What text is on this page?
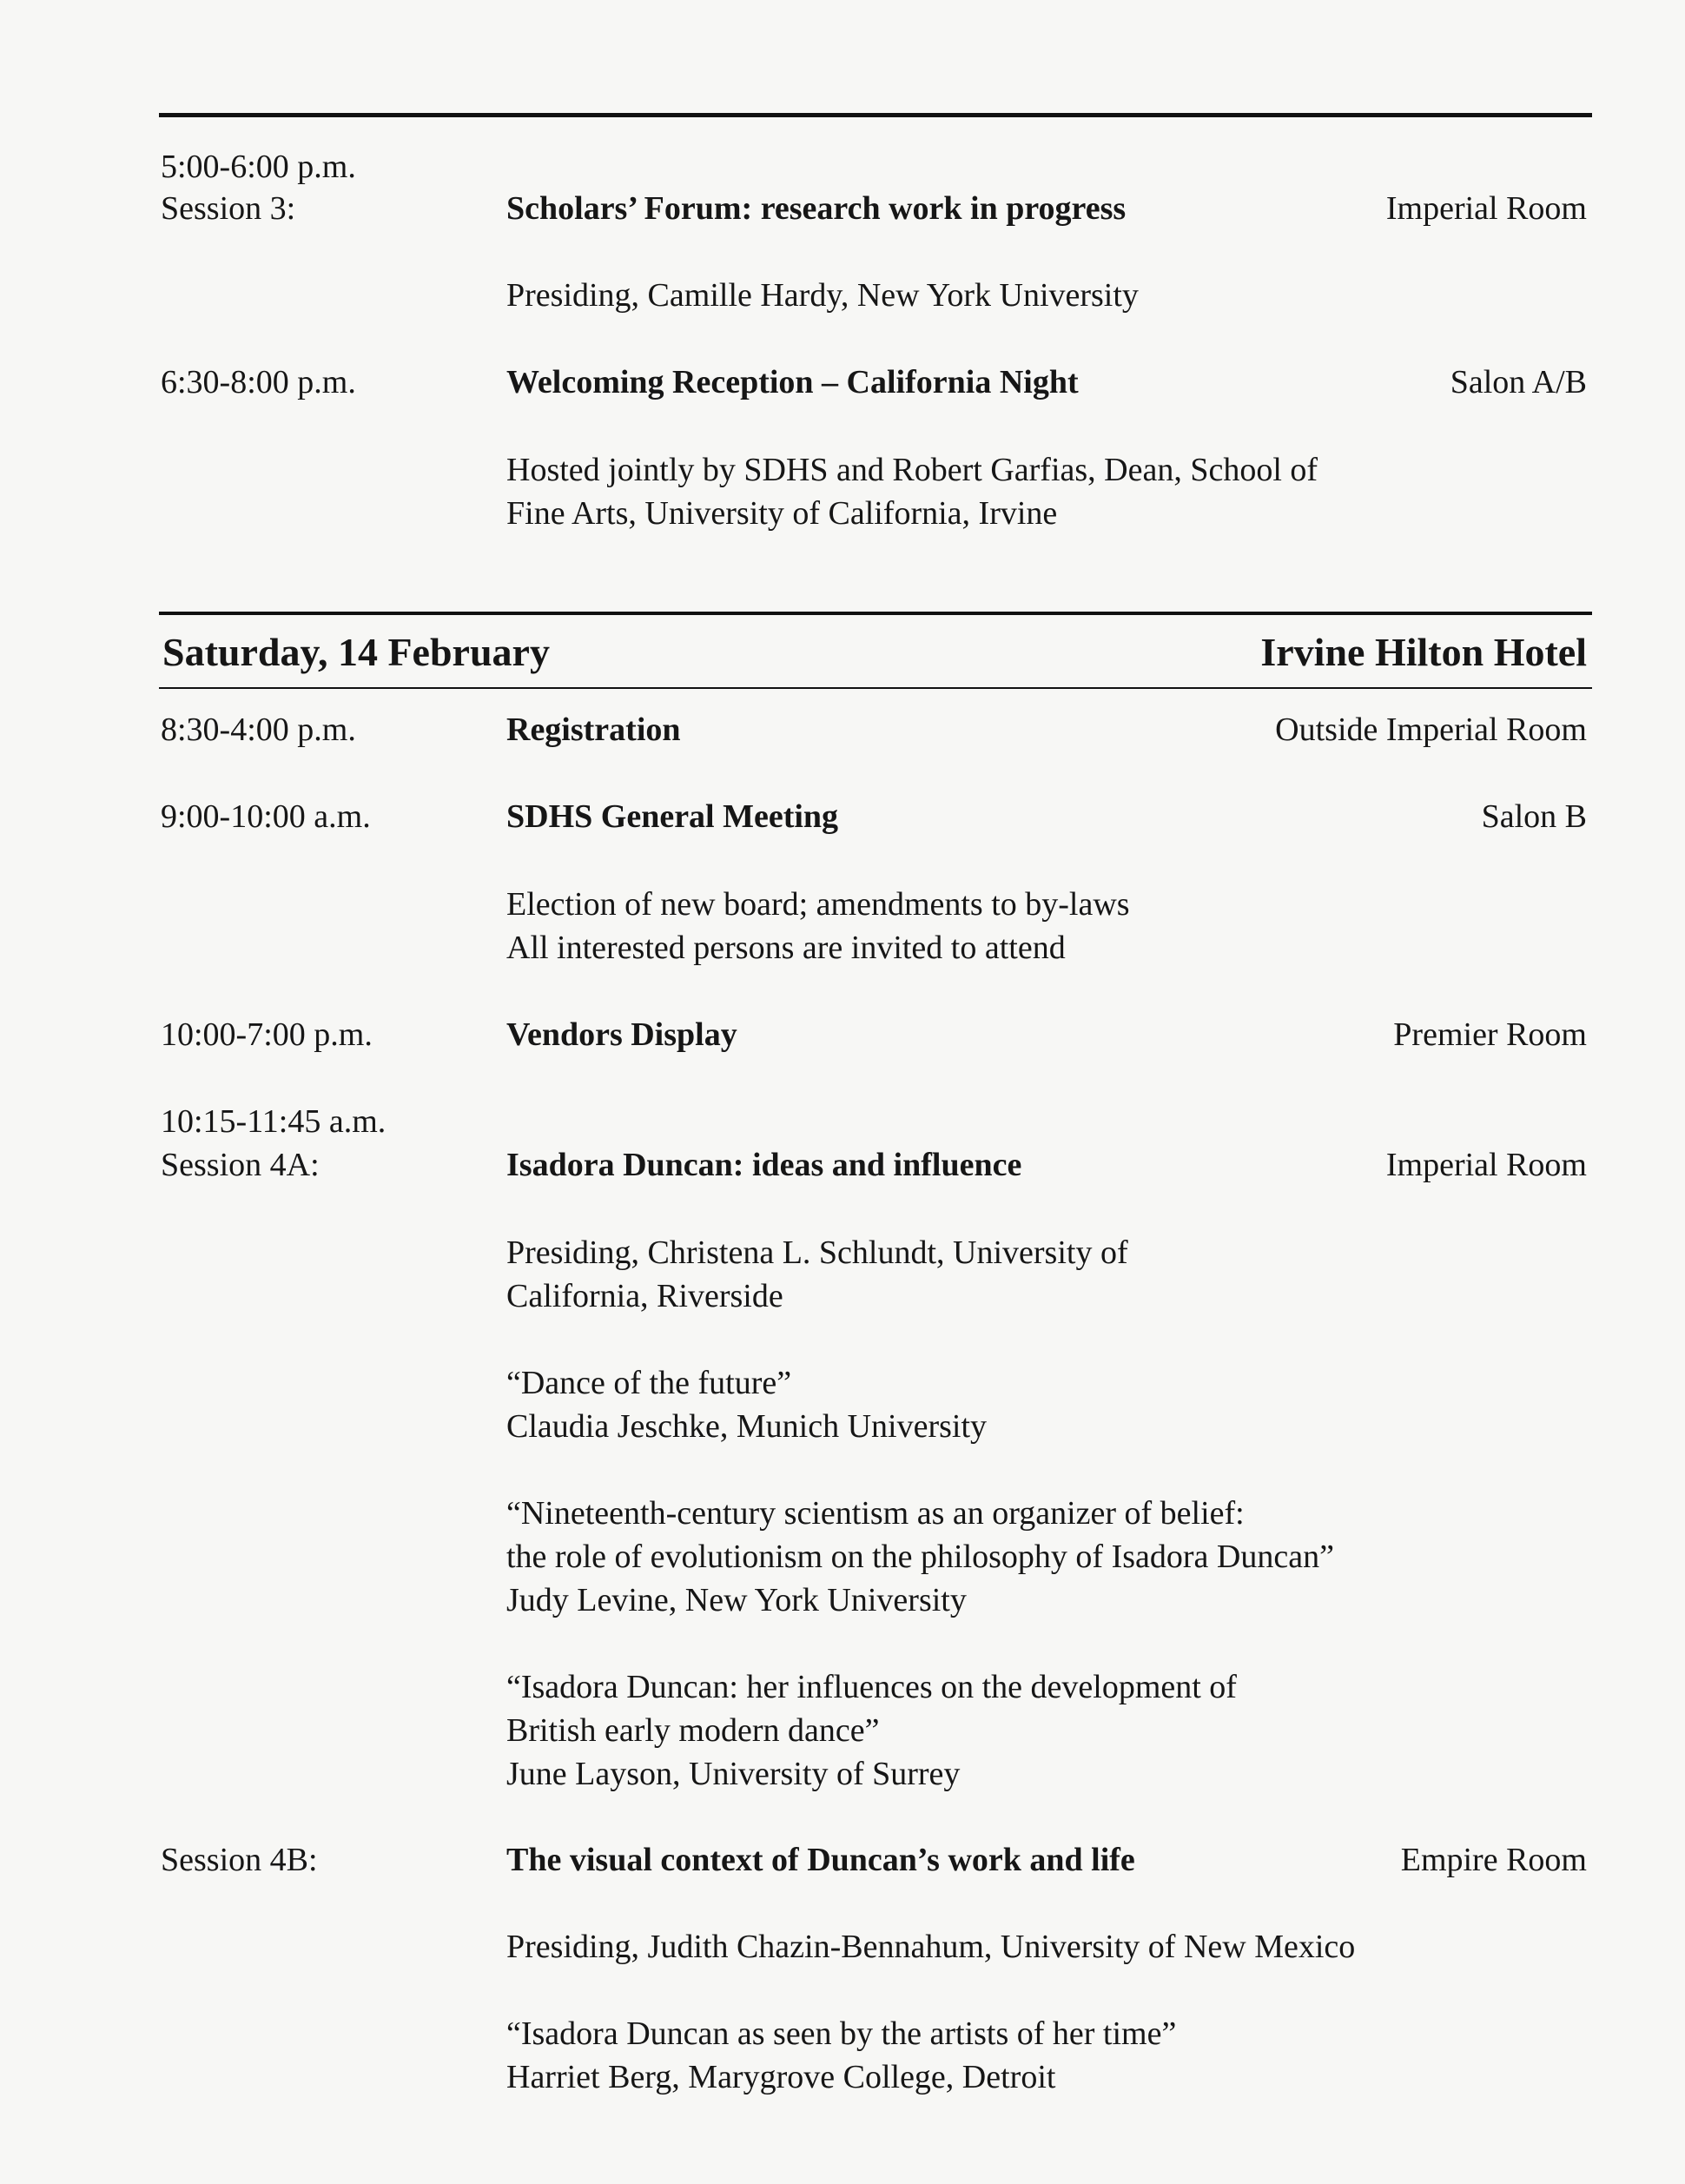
5:00-6:00 p.m.
Session 3:	Scholars’ Forum: research work in progress	Imperial Room
Presiding, Camille Hardy, New York University
6:30-8:00 p.m.	Welcoming Reception – California Night	Salon A/B
Hosted jointly by SDHS and Robert Garfias, Dean, School of
Fine Arts, University of California, Irvine
Saturday, 14 February	Irvine Hilton Hotel
8:30-4:00 p.m.	Registration	Outside Imperial Room
9:00-10:00 a.m.	SDHS General Meeting	Salon B
Election of new board; amendments to by-laws
All interested persons are invited to attend
10:00-7:00 p.m.	Vendors Display	Premier Room
10:15-11:45 a.m.
Session 4A:	Isadora Duncan: ideas and influence	Imperial Room
Presiding, Christena L. Schlundt, University of
California, Riverside
“Dance of the future”
Claudia Jeschke, Munich University
“Nineteenth-century scientism as an organizer of belief:
the role of evolutionism on the philosophy of Isadora Duncan”
Judy Levine, New York University
“Isadora Duncan: her influences on the development of
British early modern dance”
June Layson, University of Surrey
Session 4B:	The visual context of Duncan’s work and life	Empire Room
Presiding, Judith Chazin-Bennahum, University of New Mexico
“Isadora Duncan as seen by the artists of her time”
Harriet Berg, Marygrove College, Detroit
